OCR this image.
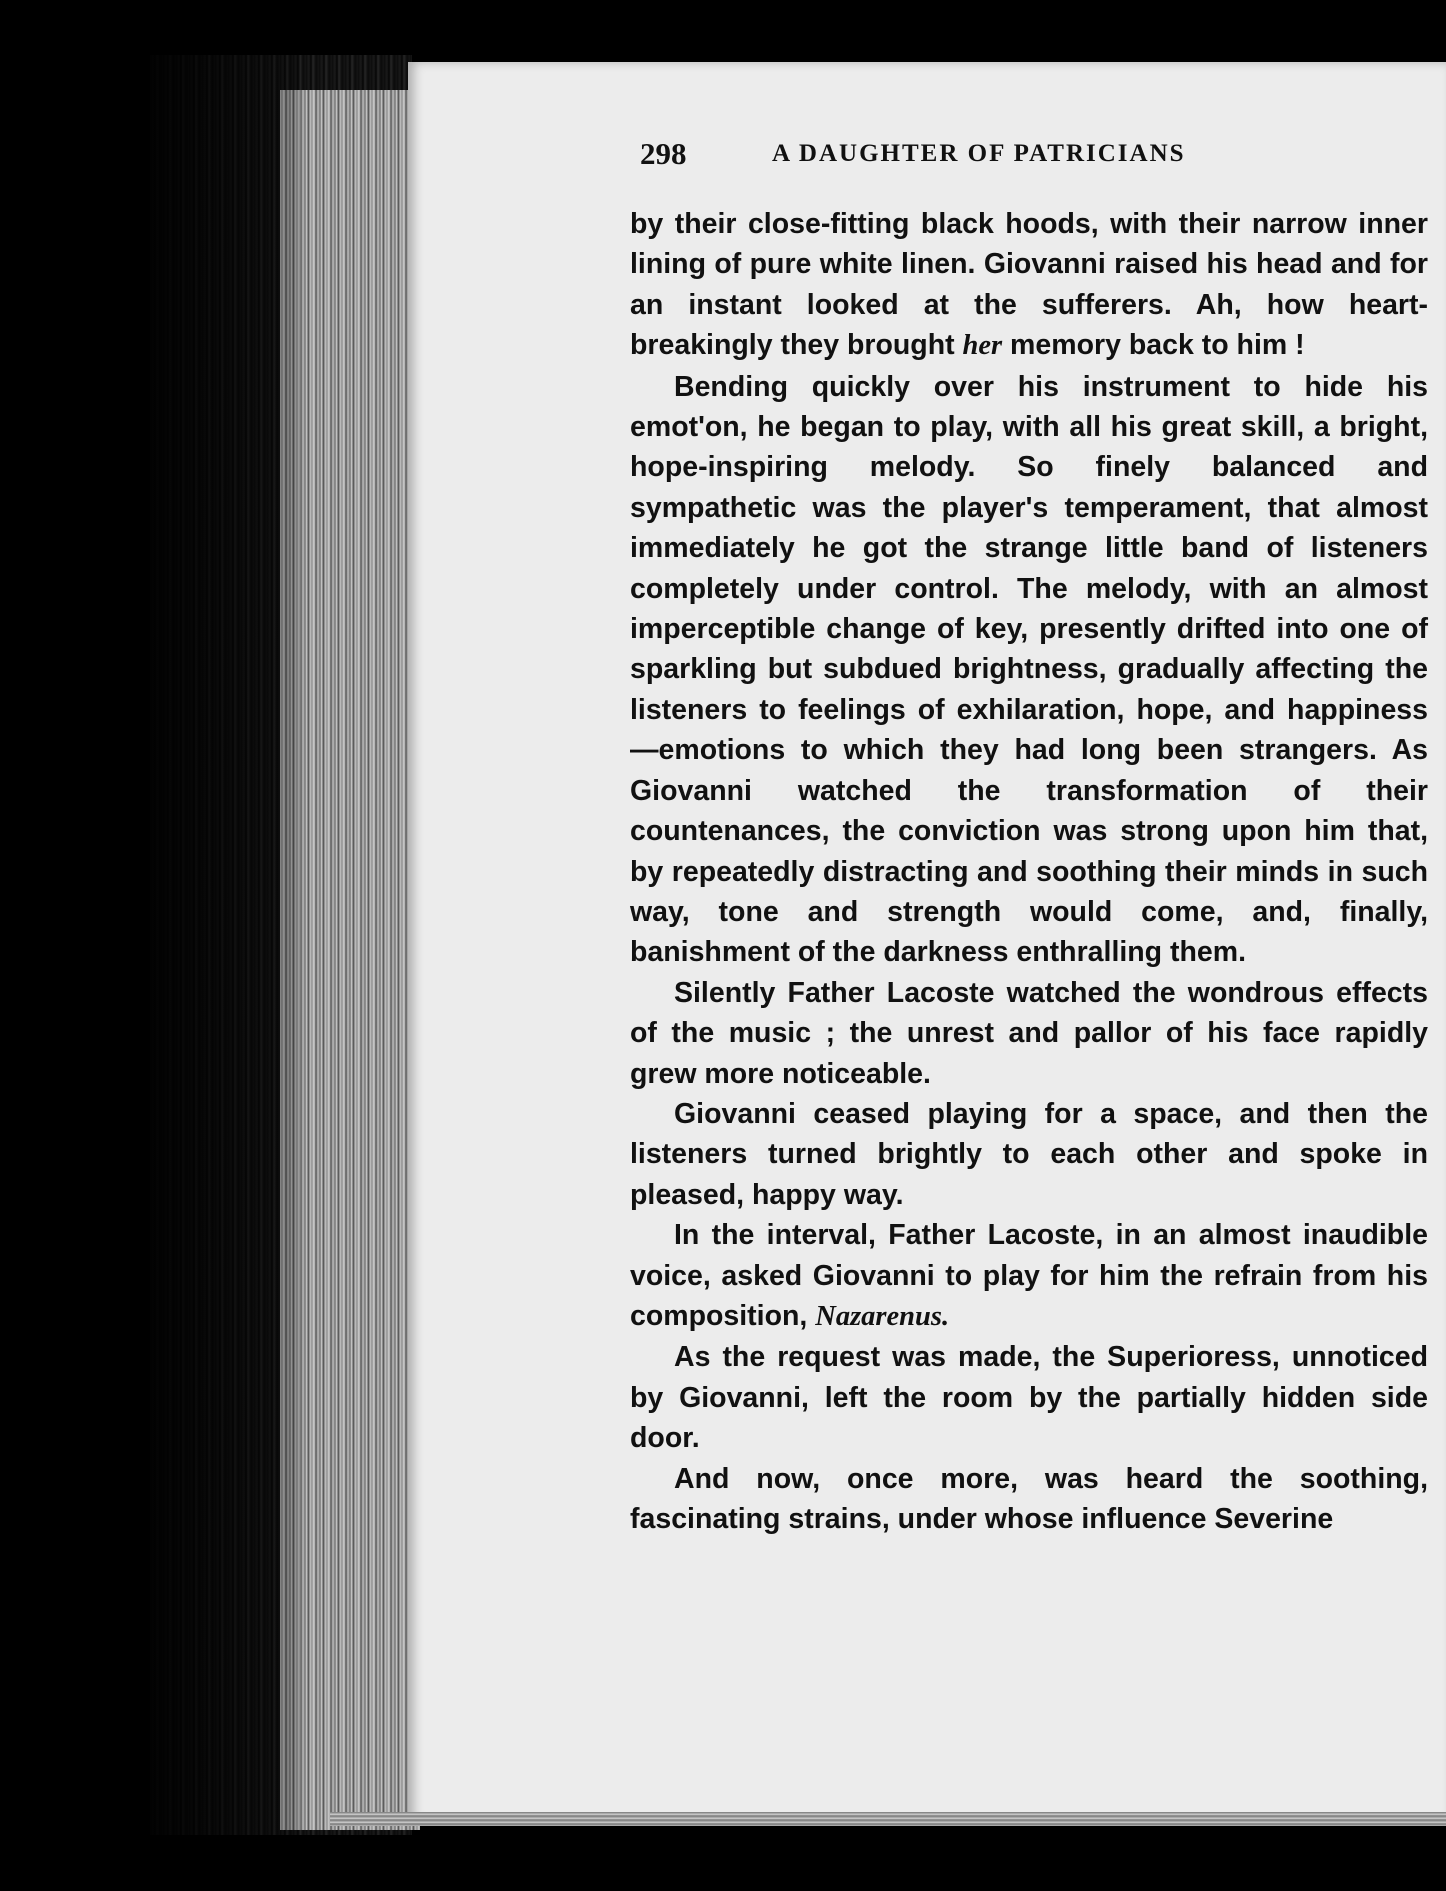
298	A DAUGHTER OF PATRICIANS

by their close-fitting black hoods, with their narrow inner lining of pure white linen. Giovanni raised his head and for an instant looked at the sufferers. Ah, how heart-breakingly they brought her memory back to him !

Bending quickly over his instrument to hide his emot'on, he began to play, with all his great skill, a bright, hope-inspiring melody. So finely balanced and sympathetic was the player's temperament, that almost immediately he got the strange little band of listeners completely under control. The melody, with an almost imperceptible change of key, presently drifted into one of sparkling but subdued brightness, gradually affecting the listeners to feelings of exhilaration, hope, and happiness—emotions to which they had long been strangers. As Giovanni watched the transformation of their countenances, the conviction was strong upon him that, by repeatedly distracting and soothing their minds in such way, tone and strength would come, and, finally, banishment of the darkness enthralling them.

Silently Father Lacoste watched the wondrous effects of the music ; the unrest and pallor of his face rapidly grew more noticeable.

Giovanni ceased playing for a space, and then the listeners turned brightly to each other and spoke in pleased, happy way.

In the interval, Father Lacoste, in an almost inaudible voice, asked Giovanni to play for him the refrain from his composition, Nazarenus.

As the request was made, the Superioress, unnoticed by Giovanni, left the room by the partially hidden side door.

And now, once more, was heard the soothing, fascinating strains, under whose influence Severine
